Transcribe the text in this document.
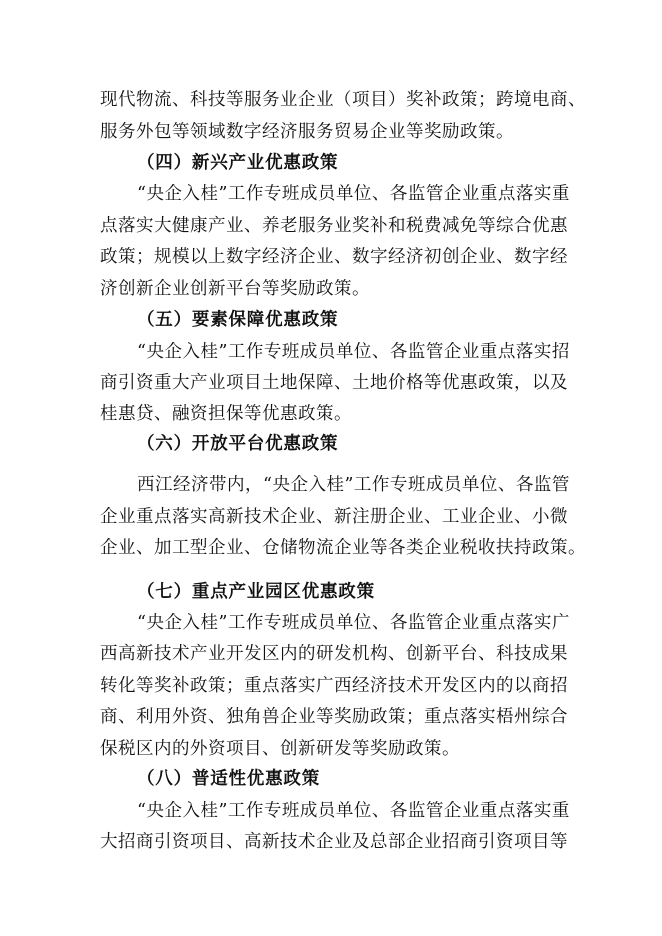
现代物流、科技等服务业企业（项目）奖补政策；跨境电商、
服务外包等领域数字经济服务贸易企业等奖励政策。
（四）新兴产业优惠政策
“央企入桂”工作专班成员单位、各监管企业重点落实重
点落实大健康产业、养老服务业奖补和税费减免等综合优惠
政策；规模以上数字经济企业、数字经济初创企业、数字经
济创新企业创新平台等奖励政策。
（五）要素保障优惠政策
“央企入桂”工作专班成员单位、各监管企业重点落实招
商引资重大产业项目土地保障、土地价格等优惠政策，以及
桂惠贷、融资担保等优惠政策。
（六）开放平台优惠政策
西江经济带内，“央企入桂”工作专班成员单位、各监管
企业重点落实高新技术企业、新注册企业、工业企业、小微
企业、加工型企业、仓储物流企业等各类企业税收扶持政策。
（七）重点产业园区优惠政策
“央企入桂”工作专班成员单位、各监管企业重点落实广
西高新技术产业开发区内的研发机构、创新平台、科技成果
转化等奖补政策；重点落实广西经济技术开发区内的以商招
商、利用外资、独角兽企业等奖励政策；重点落实梧州综合
保税区内的外资项目、创新研发等奖励政策。
（八）普适性优惠政策
“央企入桂”工作专班成员单位、各监管企业重点落实重
大招商引资项目、高新技术企业及总部企业招商引资项目等
